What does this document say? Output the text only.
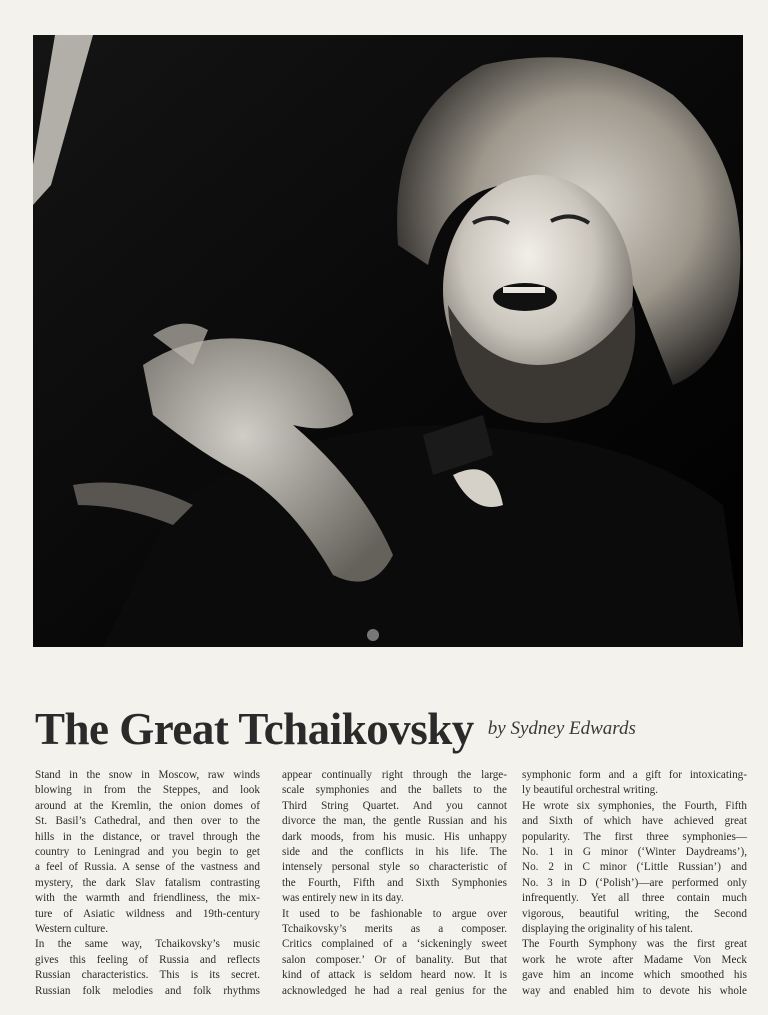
The Great Tchaikovsky by Sydney Edwards

Stand in the snow in Moscow, raw winds

blowing in from the Steppes, and look

around at the Kremlin, the onion domes of

St. Basil’s Cathedral, and then over to the

hills in the distance, or travel through the

country to Leningrad and you begin to get

a feel of Russia. A sense of the vastness and

mystery, the dark Slav fatalism contrasting

with the warmth and friendliness, the mix-

ture of Asiatic wildness and 19th-century

Western culture.

In the same way, Tchaikovsky’s music

gives this feeling of Russia and reflects

Russian characteristics. This is its secret.

Russian folk melodies and folk rhythms

appear continually right through the large-

scale symphonies and the ballets to the

Third String Quartet. And you cannot

divorce the man, the gentle Russian and his

dark moods, from his music. His unhappy

side and the conflicts in his life. The

intensely personal style so characteristic of

the Fourth, Fifth and Sixth Symphonies

was entirely new in its day.

It used to be fashionable to argue over

Tchaikovsky’s merits as a composer.

Critics complained of a ‘sickeningly sweet

salon composer.’ Or of banality. But that

kind of attack is seldom heard now. It is

acknowledged he had a real genius for the

symphonic form and a gift for intoxicating-

ly beautiful orchestral writing.

He wrote six symphonies, the Fourth, Fifth

and Sixth of which have achieved great

popularity. The first three symphonies—

No. 1 in G minor (‘Winter Daydreams’),

No. 2 in C minor (‘Little Russian’) and

No. 3 in D (‘Polish’)—are performed only

infrequently. Yet all three contain much

vigorous, beautiful writing, the Second

displaying the originality of his talent.

The Fourth Symphony was the first great

work he wrote after Madame Von Meck

gave him an income which smoothed his

way and enabled him to devote his whole
